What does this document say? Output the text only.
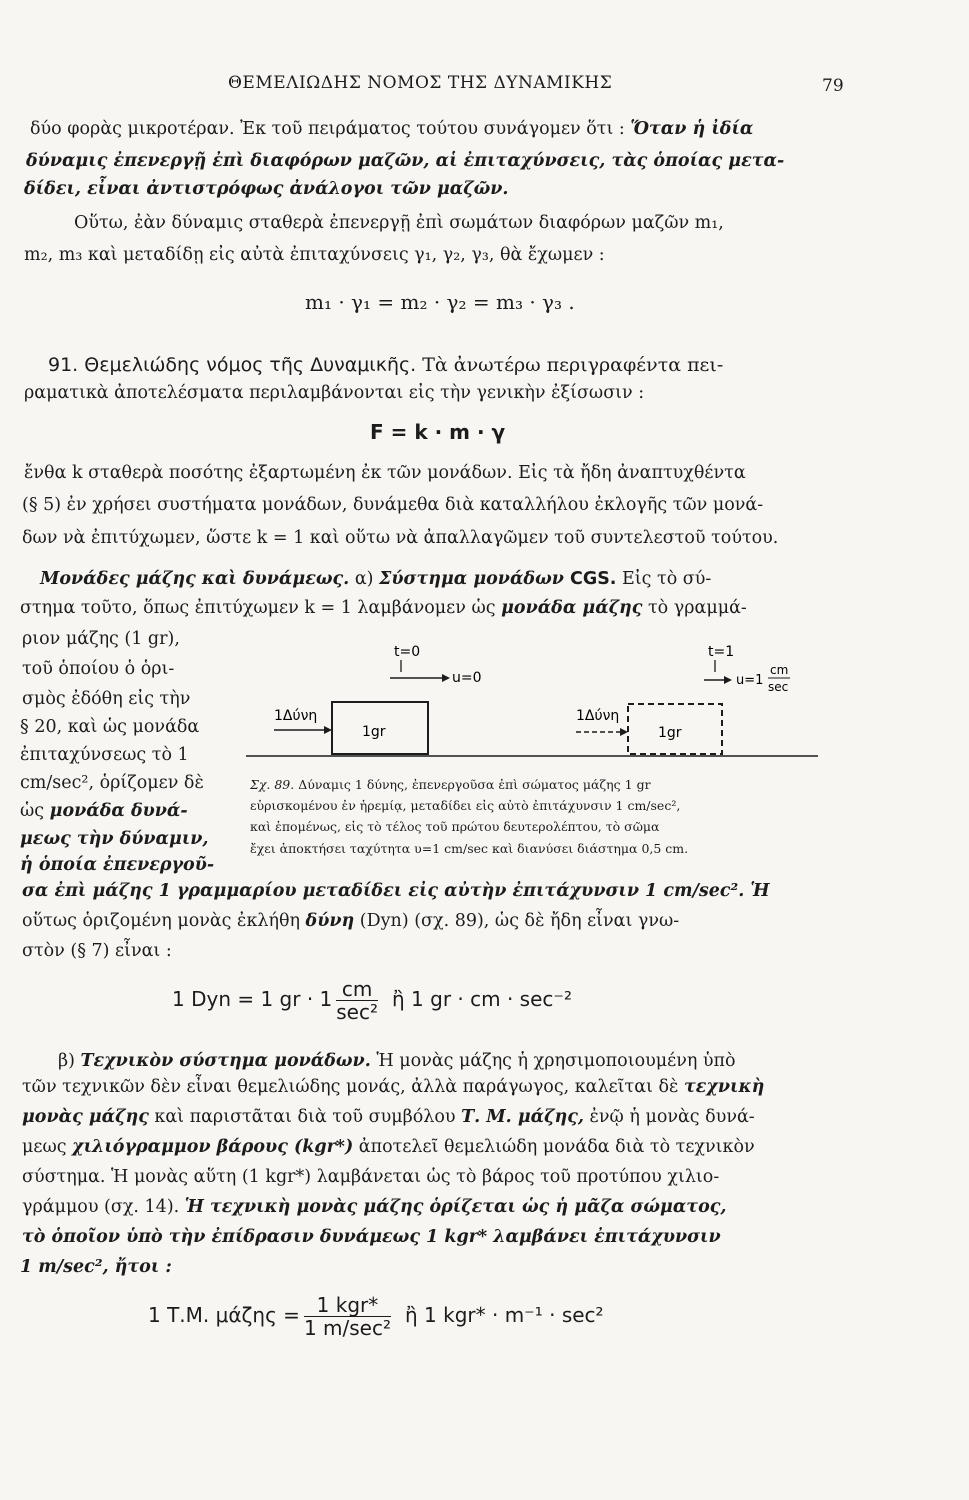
ΘΕΜΕΛΙΩΔΗΣ ΝΟΜΟΣ ΤΗΣ ΔΥΝΑΜΙΚΗΣ	79
δύο φορὰς μικροτέραν. Ἐκ τοῦ πειράματος τούτου συνάγομεν ὅτι : Ὅταν ἡ ἰδία
δύναμις ἐπενεργῇ ἐπὶ διαφόρων μαζῶν, αἱ ἐπιταχύνσεις, τὰς ὁποίας μετα-
δίδει, εἶναι ἀντιστρόφως ἀνάλογοι τῶν μαζῶν.
Οὕτω, ἐὰν δύναμις σταθερὰ ἐπενεργῇ ἐπὶ σωμάτων διαφόρων μαζῶν m₁,
m₂, m₃ καὶ μεταδίδῃ εἰς αὐτὰ ἐπιταχύνσεις γ₁, γ₂, γ₃, θὰ ἔχωμεν :
m₁ · γ₁ = m₂ · γ₂ = m₃ · γ₃ .
91. Θεμελιώδης νόμος τῆς Δυναμικῆς. Τὰ ἀνωτέρω περιγραφέντα πει-
ραματικὰ ἀποτελέσματα περιλαμβάνονται εἰς τὴν γενικὴν ἐξίσωσιν :
F = k · m · γ
ἔνθα k σταθερὰ ποσότης ἐξαρτωμένη ἐκ τῶν μονάδων. Εἰς τὰ ἤδη ἀναπτυχθέντα
(§ 5) ἐν χρήσει συστήματα μονάδων, δυνάμεθα διὰ καταλλήλου ἐκλογῆς τῶν μονά-
δων νὰ ἐπιτύχωμεν, ὥστε k = 1 καὶ οὕτω νὰ ἀπαλλαγῶμεν τοῦ συντελεστοῦ τούτου.
Μονάδες μάζης καὶ δυνάμεως. α) Σύστημα μονάδων CGS. Εἰς τὸ σύ-
στημα τοῦτο, ὅπως ἐπιτύχωμεν k = 1 λαμβάνομεν ὡς μονάδα μάζης τὸ γραμμά-
ριον μάζης (1 gr),
τοῦ ὁποίου ὁ ὁρι-
σμὸς ἐδόθη εἰς τὴν
§ 20, καὶ ὡς μονάδα
ἐπιταχύνσεως τὸ 1
cm/sec², ὁρίζομεν δὲ
ὡς μονάδα δυνά-
μεως τὴν δύναμιν,
ἡ ὁποία ἐπενεργοῦ-
t=0
u=0
1Δύνη
1gr
t=1
u=1
cm
sec
1Δύνη
1gr
Σχ. 89. Δύναμις 1 δύνης, ἐπενεργοῦσα ἐπὶ σώματος μάζης 1 gr
εὑρισκομένου ἐν ἠρεμίᾳ, μεταδίδει εἰς αὐτὸ ἐπιτάχυνσιν 1 cm/sec²,
καὶ ἑπομένως, εἰς τὸ τέλος τοῦ πρώτου δευτερολέπτου, τὸ σῶμα
ἔχει ἀποκτήσει ταχύτητα υ=1 cm/sec καὶ διανύσει διάστημα 0,5 cm.
σα ἐπὶ μάζης 1 γραμμαρίου μεταδίδει εἰς αὐτὴν ἐπιτάχυνσιν 1 cm/sec². Ἡ
οὕτως ὁριζομένη μονὰς ἐκλήθη δύνη (Dyn) (σχ. 89), ὡς δὲ ἤδη εἶναι γνω-
στὸν (§ 7) εἶναι :
1 Dyn = 1 gr · $1 \frac{cm}{\text{sec²}}$ ἢ 1 gr · cm · sec⁻²
β) Τεχνικὸν σύστημα μονάδων. Ἡ μονὰς μάζης ἡ χρησιμοποιουμένη ὑπὸ
τῶν τεχνικῶν δὲν εἶναι θεμελιώδης μονάς, ἀλλὰ παράγωγος, καλεῖται δὲ τεχνικὴ
μονὰς μάζης καὶ παριστᾶται διὰ τοῦ συμβόλου Τ. Μ. μάζης, ἐνῷ ἡ μονὰς δυνά-
μεως χιλιόγραμμον βάρους (kgr*) ἀποτελεῖ θεμελιώδη μονάδα διὰ τὸ τεχνικὸν
σύστημα. Ἡ μονὰς αὕτη (1 kgr*) λαμβάνεται ὡς τὸ βάρος τοῦ προτύπου χιλιο-
γράμμου (σχ. 14). Ἡ τεχνικὴ μονὰς μάζης ὁρίζεται ὡς ἡ μᾶζα σώματος,
τὸ ὁποῖον ὑπὸ τὴν ἐπίδρασιν δυνάμεως 1 kgr* λαμβάνει ἐπιτάχυνσιν
1 m/sec², ἤτοι :
1 Τ.Μ. $\mu ά\zeta\eta\varsigma = \frac{\text{1 kgr*}}{\text{1 m/sec²}}$ ἢ 1 kgr* · m⁻¹ · sec²
